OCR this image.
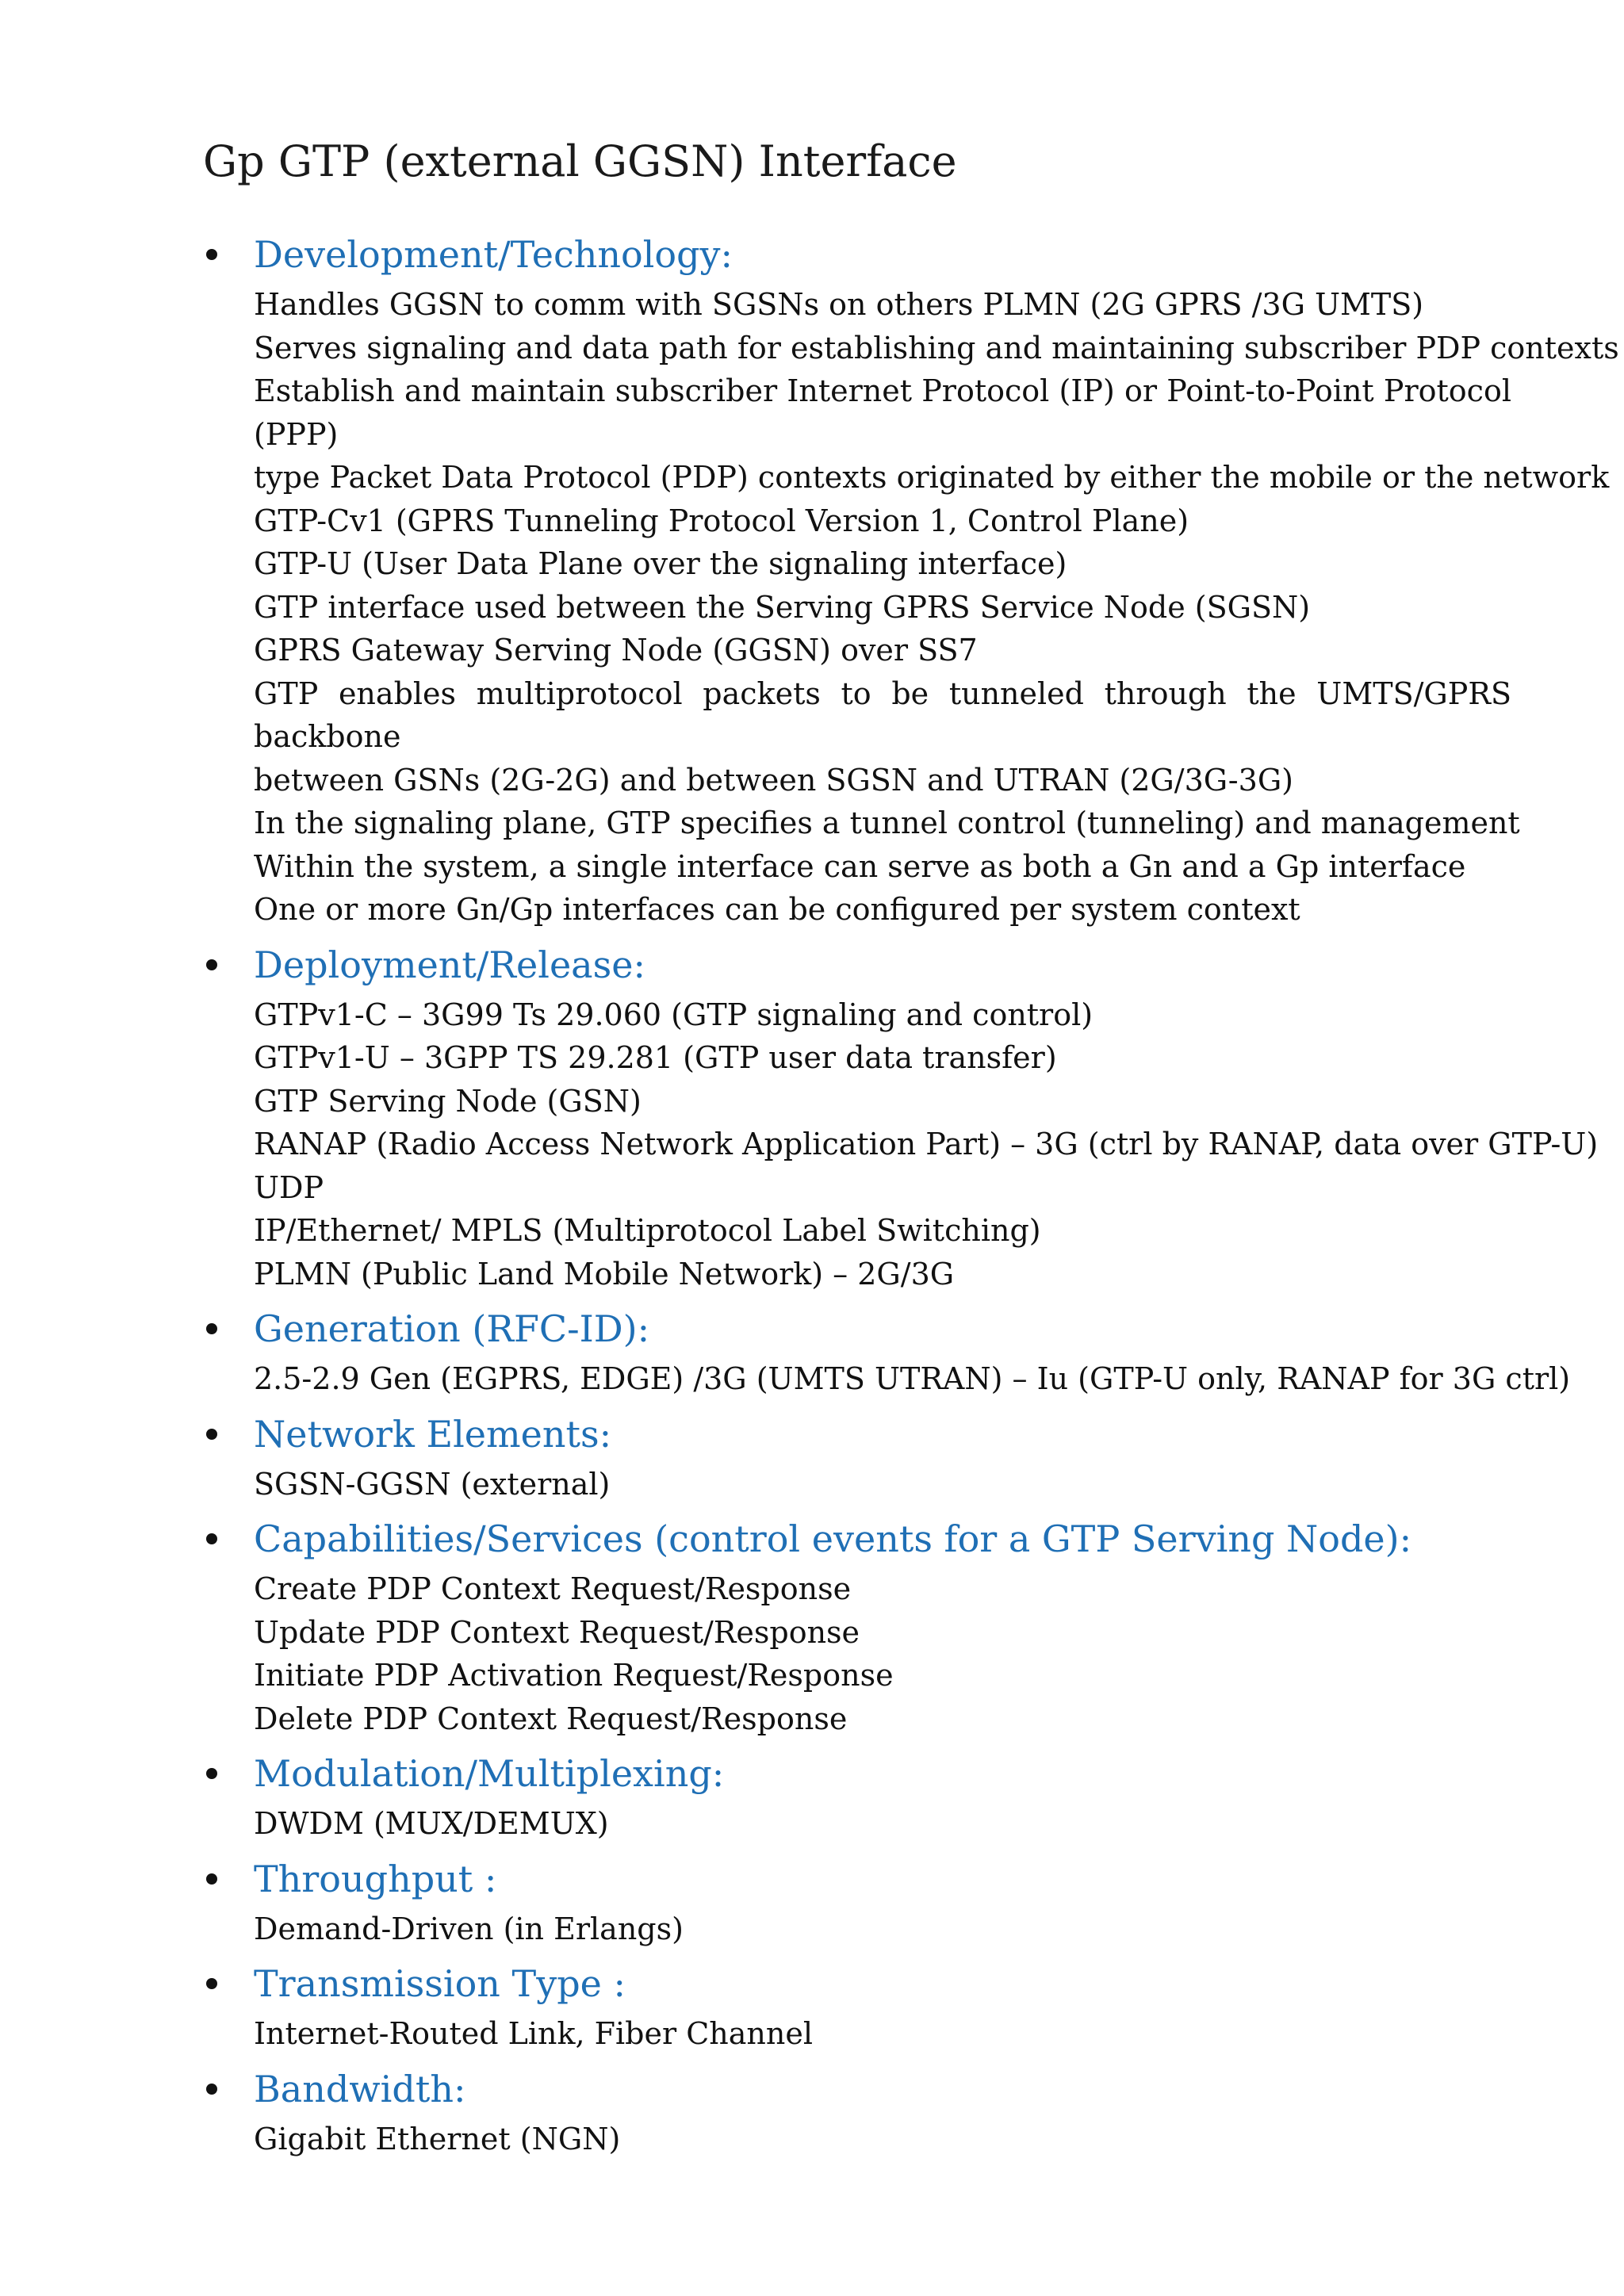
Gp GTP (external GGSN) Interface
Development/Technology:
Handles GGSN to comm with SGSNs on others PLMN (2G GPRS /3G UMTS)
Serves signaling and data path for establishing and maintaining subscriber PDP contexts
Establish and maintain subscriber Internet Protocol (IP) or Point-to-Point Protocol (PPP)
type Packet Data Protocol (PDP) contexts originated by either the mobile or the network
GTP-Cv1 (GPRS Tunneling Protocol Version 1, Control Plane)
GTP-U (User Data Plane over the signaling interface)
GTP interface used between the Serving GPRS Service Node (SGSN)
GPRS Gateway Serving Node (GGSN) over SS7
GTP enables multiprotocol packets to be tunneled through the UMTS/GPRS backbone
between GSNs (2G-2G) and between SGSN and UTRAN (2G/3G-3G)
In the signaling plane, GTP specifies a tunnel control (tunneling) and management
Within the system, a single interface can serve as both a Gn and a Gp interface
One or more Gn/Gp interfaces can be configured per system context
Deployment/Release:
GTPv1-C – 3G99 Ts 29.060 (GTP signaling and control)
GTPv1-U – 3GPP TS 29.281 (GTP user data transfer)
GTP Serving Node (GSN)
RANAP (Radio Access Network Application Part) – 3G (ctrl by RANAP, data over GTP-U)
UDP
IP/Ethernet/ MPLS (Multiprotocol Label Switching)
PLMN (Public Land Mobile Network) – 2G/3G
Generation (RFC-ID):
2.5-2.9 Gen (EGPRS, EDGE) /3G (UMTS UTRAN) – Iu (GTP-U only, RANAP for 3G ctrl)
Network Elements:
SGSN-GGSN (external)
Capabilities/Services (control events for a GTP Serving Node):
Create PDP Context Request/Response
Update PDP Context Request/Response
Initiate PDP Activation Request/Response
Delete PDP Context Request/Response
Modulation/Multiplexing:
DWDM (MUX/DEMUX)
Throughput :
Demand-Driven (in Erlangs)
Transmission Type :
Internet-Routed Link, Fiber Channel
Bandwidth:
Gigabit Ethernet (NGN)
